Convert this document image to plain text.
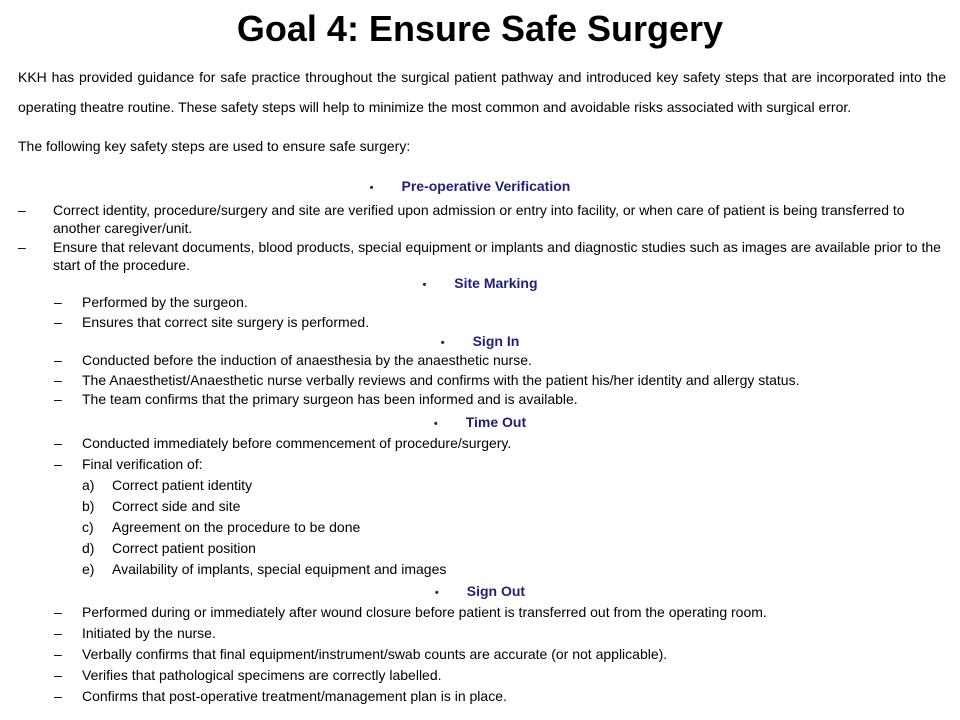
Goal 4: Ensure Safe Surgery
KKH has provided guidance for safe practice throughout the surgical patient pathway and introduced key safety steps that are incorporated into the operating theatre routine. These safety steps will help to minimize the most common and avoidable risks associated with surgical error.
The following key safety steps are used to ensure safe surgery:
• Pre-operative Verification
– Correct identity, procedure/surgery and site are verified upon admission or entry into facility, or when care of patient is being transferred to another caregiver/unit.
– Ensure that relevant documents, blood products, special equipment or implants and diagnostic studies such as images are available prior to the start of the procedure.
• Site Marking
– Performed by the surgeon.
– Ensures that correct site surgery is performed.
• Sign In
– Conducted before the induction of anaesthesia by the anaesthetic nurse.
– The Anaesthetist/Anaesthetic nurse verbally reviews and confirms with the patient his/her identity and allergy status.
– The team confirms that the primary surgeon has been informed and is available.
• Time Out
– Conducted immediately before commencement of procedure/surgery.
– Final verification of:
a) Correct patient identity
b) Correct side and site
c) Agreement on the procedure to be done
d) Correct patient position
e) Availability of implants, special equipment and images
• Sign Out
– Performed during or immediately after wound closure before patient is transferred out from the operating room.
– Initiated by the nurse.
– Verbally confirms that final equipment/instrument/swab counts are accurate (or not applicable).
– Verifies that pathological specimens are correctly labelled.
– Confirms that post-operative treatment/management plan is in place.
